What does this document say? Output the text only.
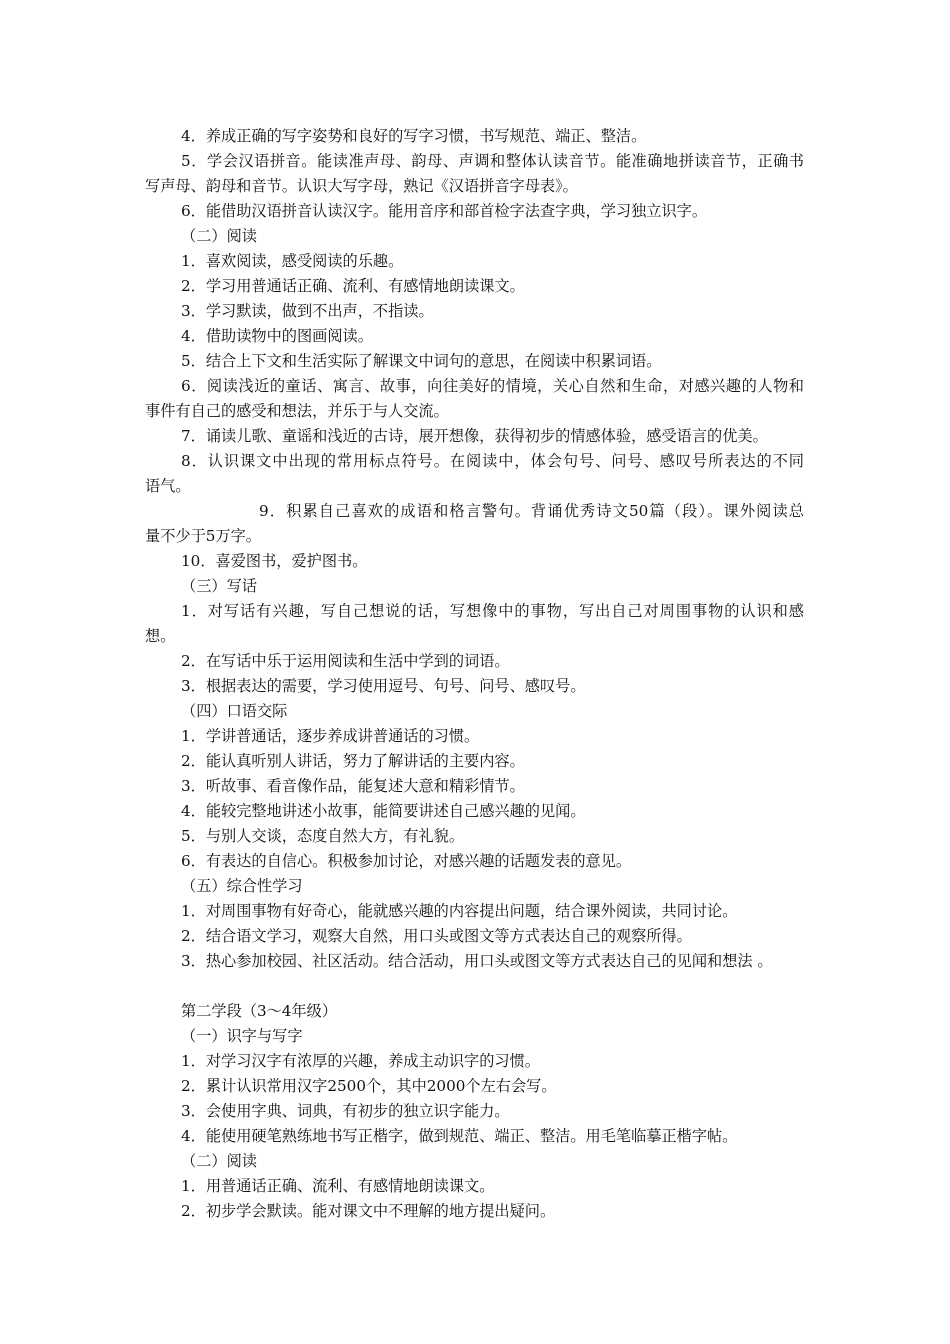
4．养成正确的写字姿势和良好的写字习惯，书写规范、端正、整洁。
5．学会汉语拼音。能读准声母、韵母、声调和整体认读音节。能准确地拼读音节，正确书
写声母、韵母和音节。认识大写字母，熟记《汉语拼音字母表》。
6．能借助汉语拼音认读汉字。能用音序和部首检字法查字典，学习独立识字。
（二）阅读
1．喜欢阅读，感受阅读的乐趣。
2．学习用普通话正确、流利、有感情地朗读课文。
3．学习默读，做到不出声，不指读。
4．借助读物中的图画阅读。
5．结合上下文和生活实际了解课文中词句的意思，在阅读中积累词语。
6．阅读浅近的童话、寓言、故事，向往美好的情境，关心自然和生命，对感兴趣的人物和
事件有自己的感受和想法，并乐于与人交流。
7．诵读儿歌、童谣和浅近的古诗，展开想像，获得初步的情感体验，感受语言的优美。
8．认识课文中出现的常用标点符号。在阅读中，体会句号、问号、感叹号所表达的不同
语气。
9．积累自己喜欢的成语和格言警句。背诵优秀诗文50篇（段）。课外阅读总
量不少于5万字。
10．喜爱图书，爱护图书。
（三）写话
1．对写话有兴趣，写自己想说的话，写想像中的事物，写出自己对周围事物的认识和感
想。
2．在写话中乐于运用阅读和生活中学到的词语。
3．根据表达的需要，学习使用逗号、句号、问号、感叹号。
（四）口语交际
1．学讲普通话，逐步养成讲普通话的习惯。
2．能认真听别人讲话，努力了解讲话的主要内容。
3．听故事、看音像作品，能复述大意和精彩情节。
4．能较完整地讲述小故事，能简要讲述自己感兴趣的见闻。
5．与别人交谈，态度自然大方，有礼貌。
6．有表达的自信心。积极参加讨论，对感兴趣的话题发表的意见。
（五）综合性学习
1．对周围事物有好奇心，能就感兴趣的内容提出问题，结合课外阅读，共同讨论。
2．结合语文学习，观察大自然，用口头或图文等方式表达自己的观察所得。
3．热心参加校园、社区活动。结合活动，用口头或图文等方式表达自己的见闻和想法 。
第二学段（3～4年级）
（一）识字与写字
1．对学习汉字有浓厚的兴趣，养成主动识字的习惯。
2．累计认识常用汉字2500个，其中2000个左右会写。
3．会使用字典、词典，有初步的独立识字能力。
4．能使用硬笔熟练地书写正楷字，做到规范、端正、整洁。用毛笔临摹正楷字帖。
（二）阅读
1．用普通话正确、流利、有感情地朗读课文。
2．初步学会默读。能对课文中不理解的地方提出疑问。
